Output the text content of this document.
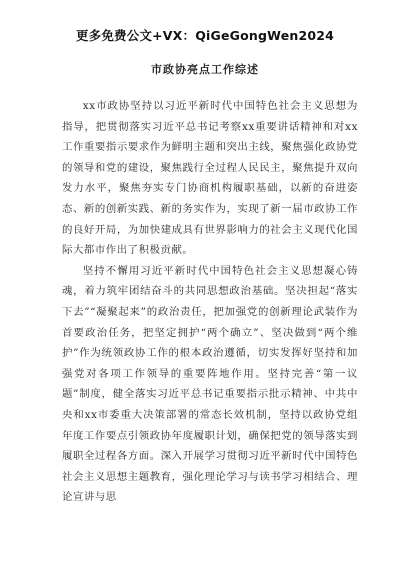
更多免费公文+VX：QiGeGongWen2024
市政协亮点工作综述

xx市政协坚持以习近平新时代中国特色社会主义思想为指导，把贯彻落实习近平总书记考察xx重要讲话精神和对xx工作重要指示要求作为鲜明主题和突出主线，聚焦强化政协党的领导和党的建设，聚焦践行全过程人民民主，聚焦提升双向发力水平，聚焦夯实专门协商机构履职基础，以新的奋进姿态、新的创新实践、新的务实作为，实现了新一届市政协工作的良好开局，为加快建成具有世界影响力的社会主义现代化国际大都市作出了积极贡献。

坚持不懈用习近平新时代中国特色社会主义思想凝心铸魂，着力筑牢团结奋斗的共同思想政治基础。坚决担起“落实下去”“凝聚起来”的政治责任，把加强党的创新理论武装作为首要政治任务，把坚定拥护“两个确立”、坚决做到“两个维护”作为统领政协工作的根本政治遵循，切实发挥好坚持和加强党对各项工作领导的重要阵地作用。坚持完善“第一议题”制度，健全落实习近平总书记重要指示批示精神、中共中央和xx市委重大决策部署的常态长效机制，坚持以政协党组年度工作要点引领政协年度履职计划，确保把党的领导落实到履职全过程各方面。深入开展学习贯彻习近平新时代中国特色社会主义思想主题教育，强化理论学习与读书学习相结合、理论宣讲与思
